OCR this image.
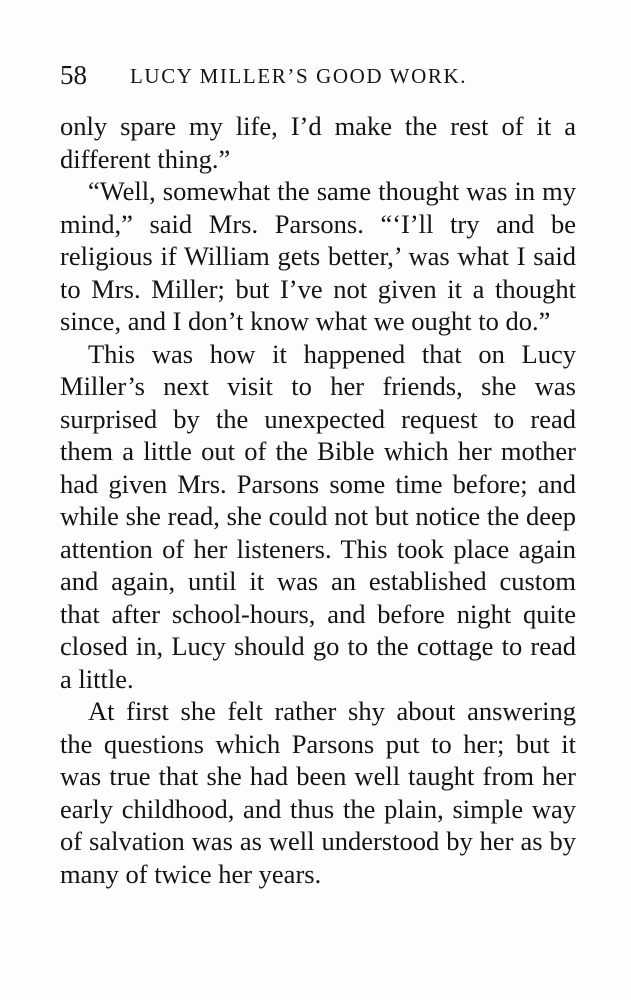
58 LUCY MILLER’S GOOD WORK.

only spare my life, I’d make the rest of it a different thing.”

“Well, somewhat the same thought was in my mind,” said Mrs. Parsons. “‘I’ll try and be religious if William gets better,’ was what I said to Mrs. Miller; but I’ve not given it a thought since, and I don’t know what we ought to do.”

This was how it happened that on Lucy Miller’s next visit to her friends, she was surprised by the unexpected request to read them a little out of the Bible which her mother had given Mrs. Parsons some time before; and while she read, she could not but notice the deep attention of her listeners. This took place again and again, until it was an established custom that after school-hours, and before night quite closed in, Lucy should go to the cottage to read a little.

At first she felt rather shy about answering the questions which Parsons put to her; but it was true that she had been well taught from her early childhood, and thus the plain, simple way of salvation was as well understood by her as by many of twice her years.
